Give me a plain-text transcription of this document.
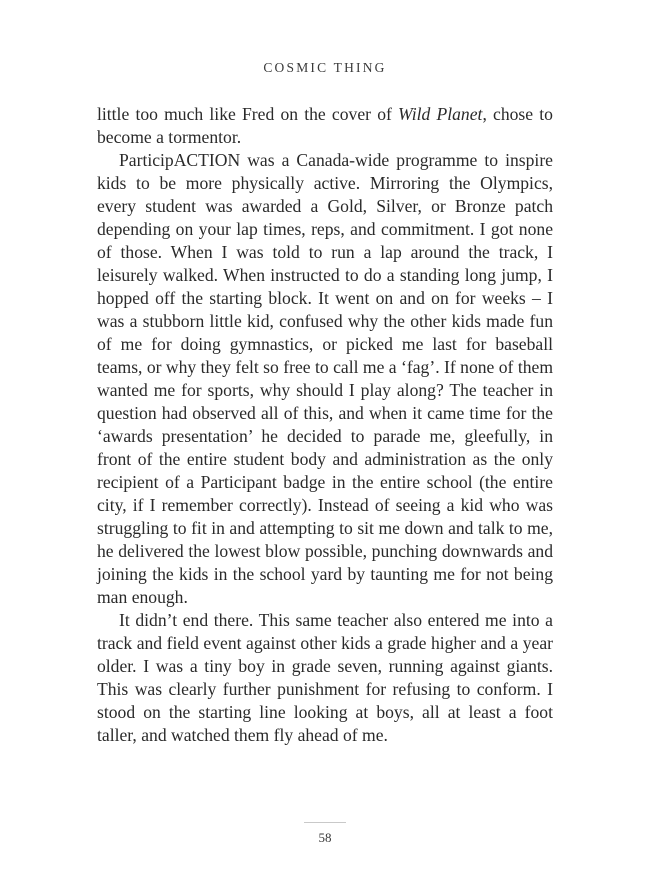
COSMIC THING

little too much like Fred on the cover of Wild Planet, chose to become a tormentor.

ParticipACTION was a Canada-wide programme to inspire kids to be more physically active. Mirroring the Olympics, every student was awarded a Gold, Silver, or Bronze patch depending on your lap times, reps, and commitment. I got none of those. When I was told to run a lap around the track, I leisurely walked. When instructed to do a standing long jump, I hopped off the starting block. It went on and on for weeks – I was a stubborn little kid, confused why the other kids made fun of me for doing gymnastics, or picked me last for baseball teams, or why they felt so free to call me a ‘fag’. If none of them wanted me for sports, why should I play along? The teacher in question had observed all of this, and when it came time for the ‘awards presentation’ he decided to parade me, gleefully, in front of the entire student body and administration as the only recipient of a Participant badge in the entire school (the entire city, if I remember correctly). Instead of seeing a kid who was struggling to fit in and attempting to sit me down and talk to me, he delivered the lowest blow possible, punching downwards and joining the kids in the school yard by taunting me for not being man enough.

It didn’t end there. This same teacher also entered me into a track and field event against other kids a grade higher and a year older. I was a tiny boy in grade seven, running against giants. This was clearly further punishment for refusing to conform. I stood on the starting line looking at boys, all at least a foot taller, and watched them fly ahead of me.

58
